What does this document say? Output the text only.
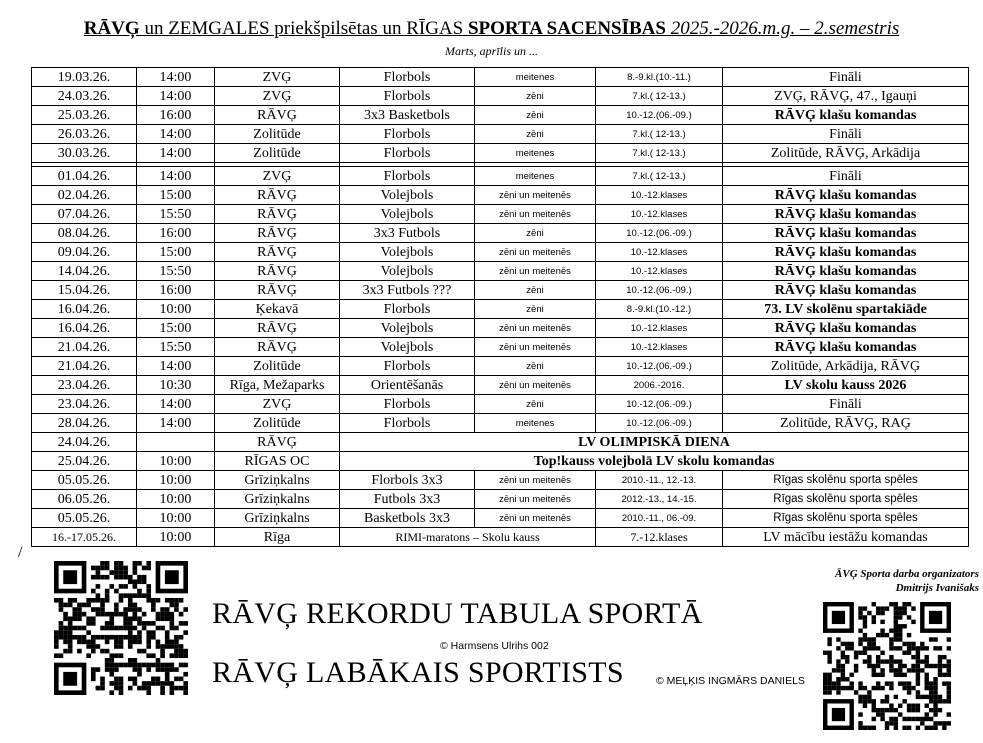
RĀVĢ un ZEMGALES priekšpilsētas un RĪGAS SPORTA SACENSĪBAS 2025.-2026.m.g. – 2.semestris
Marts, aprīlis un ...
19.03.26.	14:00	ZVĢ	Florbols	meitenes	8.-9.kl.(10.-11.)	Fināli
24.03.26.	14:00	ZVĢ	Florbols	zēni	7.kl.( 12-13.)	ZVĢ, RĀVĢ, 47., Igauņi
25.03.26.	16:00	RĀVĢ	3x3 Basketbols	zēni	10.-12.(06.-09.)	RĀVĢ klašu komandas
26.03.26.	14:00	Zolitūde	Florbols	zēni	7.kl.( 12-13.)	Fināli
30.03.26.	14:00	Zolitūde	Florbols	meitenes	7.kl.( 12-13.)	Zolitūde, RĀVĢ, Arkādija

01.04.26.	14:00	ZVĢ	Florbols	meitenes	7.kl.( 12-13.)	Fināli
02.04.26.	15:00	RĀVĢ	Volejbols	zēni un meitenēs	10.-12.klases	RĀVĢ klašu komandas
07.04.26.	15:50	RĀVĢ	Volejbols	zēni un meitenēs	10.-12.klases	RĀVĢ klašu komandas
08.04.26.	16:00	RĀVĢ	3x3 Futbols	zēni	10.-12.(06.-09.)	RĀVĢ klašu komandas
09.04.26.	15:00	RĀVĢ	Volejbols	zēni un meitenēs	10.-12.klases	RĀVĢ klašu komandas
14.04.26.	15:50	RĀVĢ	Volejbols	zēni un meitenēs	10.-12.klases	RĀVĢ klašu komandas
15.04.26.	16:00	RĀVĢ	3x3 Futbols ???	zēni	10.-12.(06.-09.)	RĀVĢ klašu komandas
16.04.26.	10:00	Ķekavā	Florbols	zēni	8.-9.kl.(10.-12.)	73. LV skolēnu spartakiāde
16.04.26.	15:00	RĀVĢ	Volejbols	zēni un meitenēs	10.-12.klases	RĀVĢ klašu komandas
21.04.26.	15:50	RĀVĢ	Volejbols	zēni un meitenēs	10.-12.klases	RĀVĢ klašu komandas
21.04.26.	14:00	Zolitūde	Florbols	zēni	10.-12.(06.-09.)	Zolitūde, Arkādija, RĀVĢ
23.04.26.	10:30	Rīga, Mežaparks	Orientēšanās	zēni un meitenēs	2006.-2016.	LV skolu kauss 2026
23.04.26.	14:00	ZVĢ	Florbols	zēni	10.-12.(06.-09.)	Fināli
28.04.26.	14:00	Zolitūde	Florbols	meitenes	10.-12.(06.-09.)	Zolitūde, RĀVĢ, RAĢ
24.04.26.		RĀVĢ	LV OLIMPISKĀ DIENA			
25.04.26.	10:00	RĪGAS OC	Top!kauss volejbolā LV skolu komandas			
05.05.26.	10:00	Grīziņkalns	Florbols 3x3	zēni un meitenēs	2010.-11., 12.-13.	Rīgas skolēnu sporta spēles
06.05.26.	10:00	Grīziņkalns	Futbols 3x3	zēni un meitenēs	2012.-13., 14.-15.	Rīgas skolēnu sporta spēles
05.05.26.	10:00	Grīziņkalns	Basketbols 3x3	zēni un meitenēs	2010.-11., 06.-09.	Rīgas skolēnu sporta spēles
16.-17.05.26.	10:00	Rīga	RIMI-maratons – Skolu kauss		7.-12.klases	LV mācību iestāžu komandas
/
RĀVĢ REKORDU TABULA SPORTĀ
© Harmsens Ulrihs 002
RĀVĢ LABĀKAIS SPORTISTS	© MEĻĶIS INGMĀRS DANIELS
ĀVĢ Sporta darba organizators
Dmitrijs Ivanišaks
